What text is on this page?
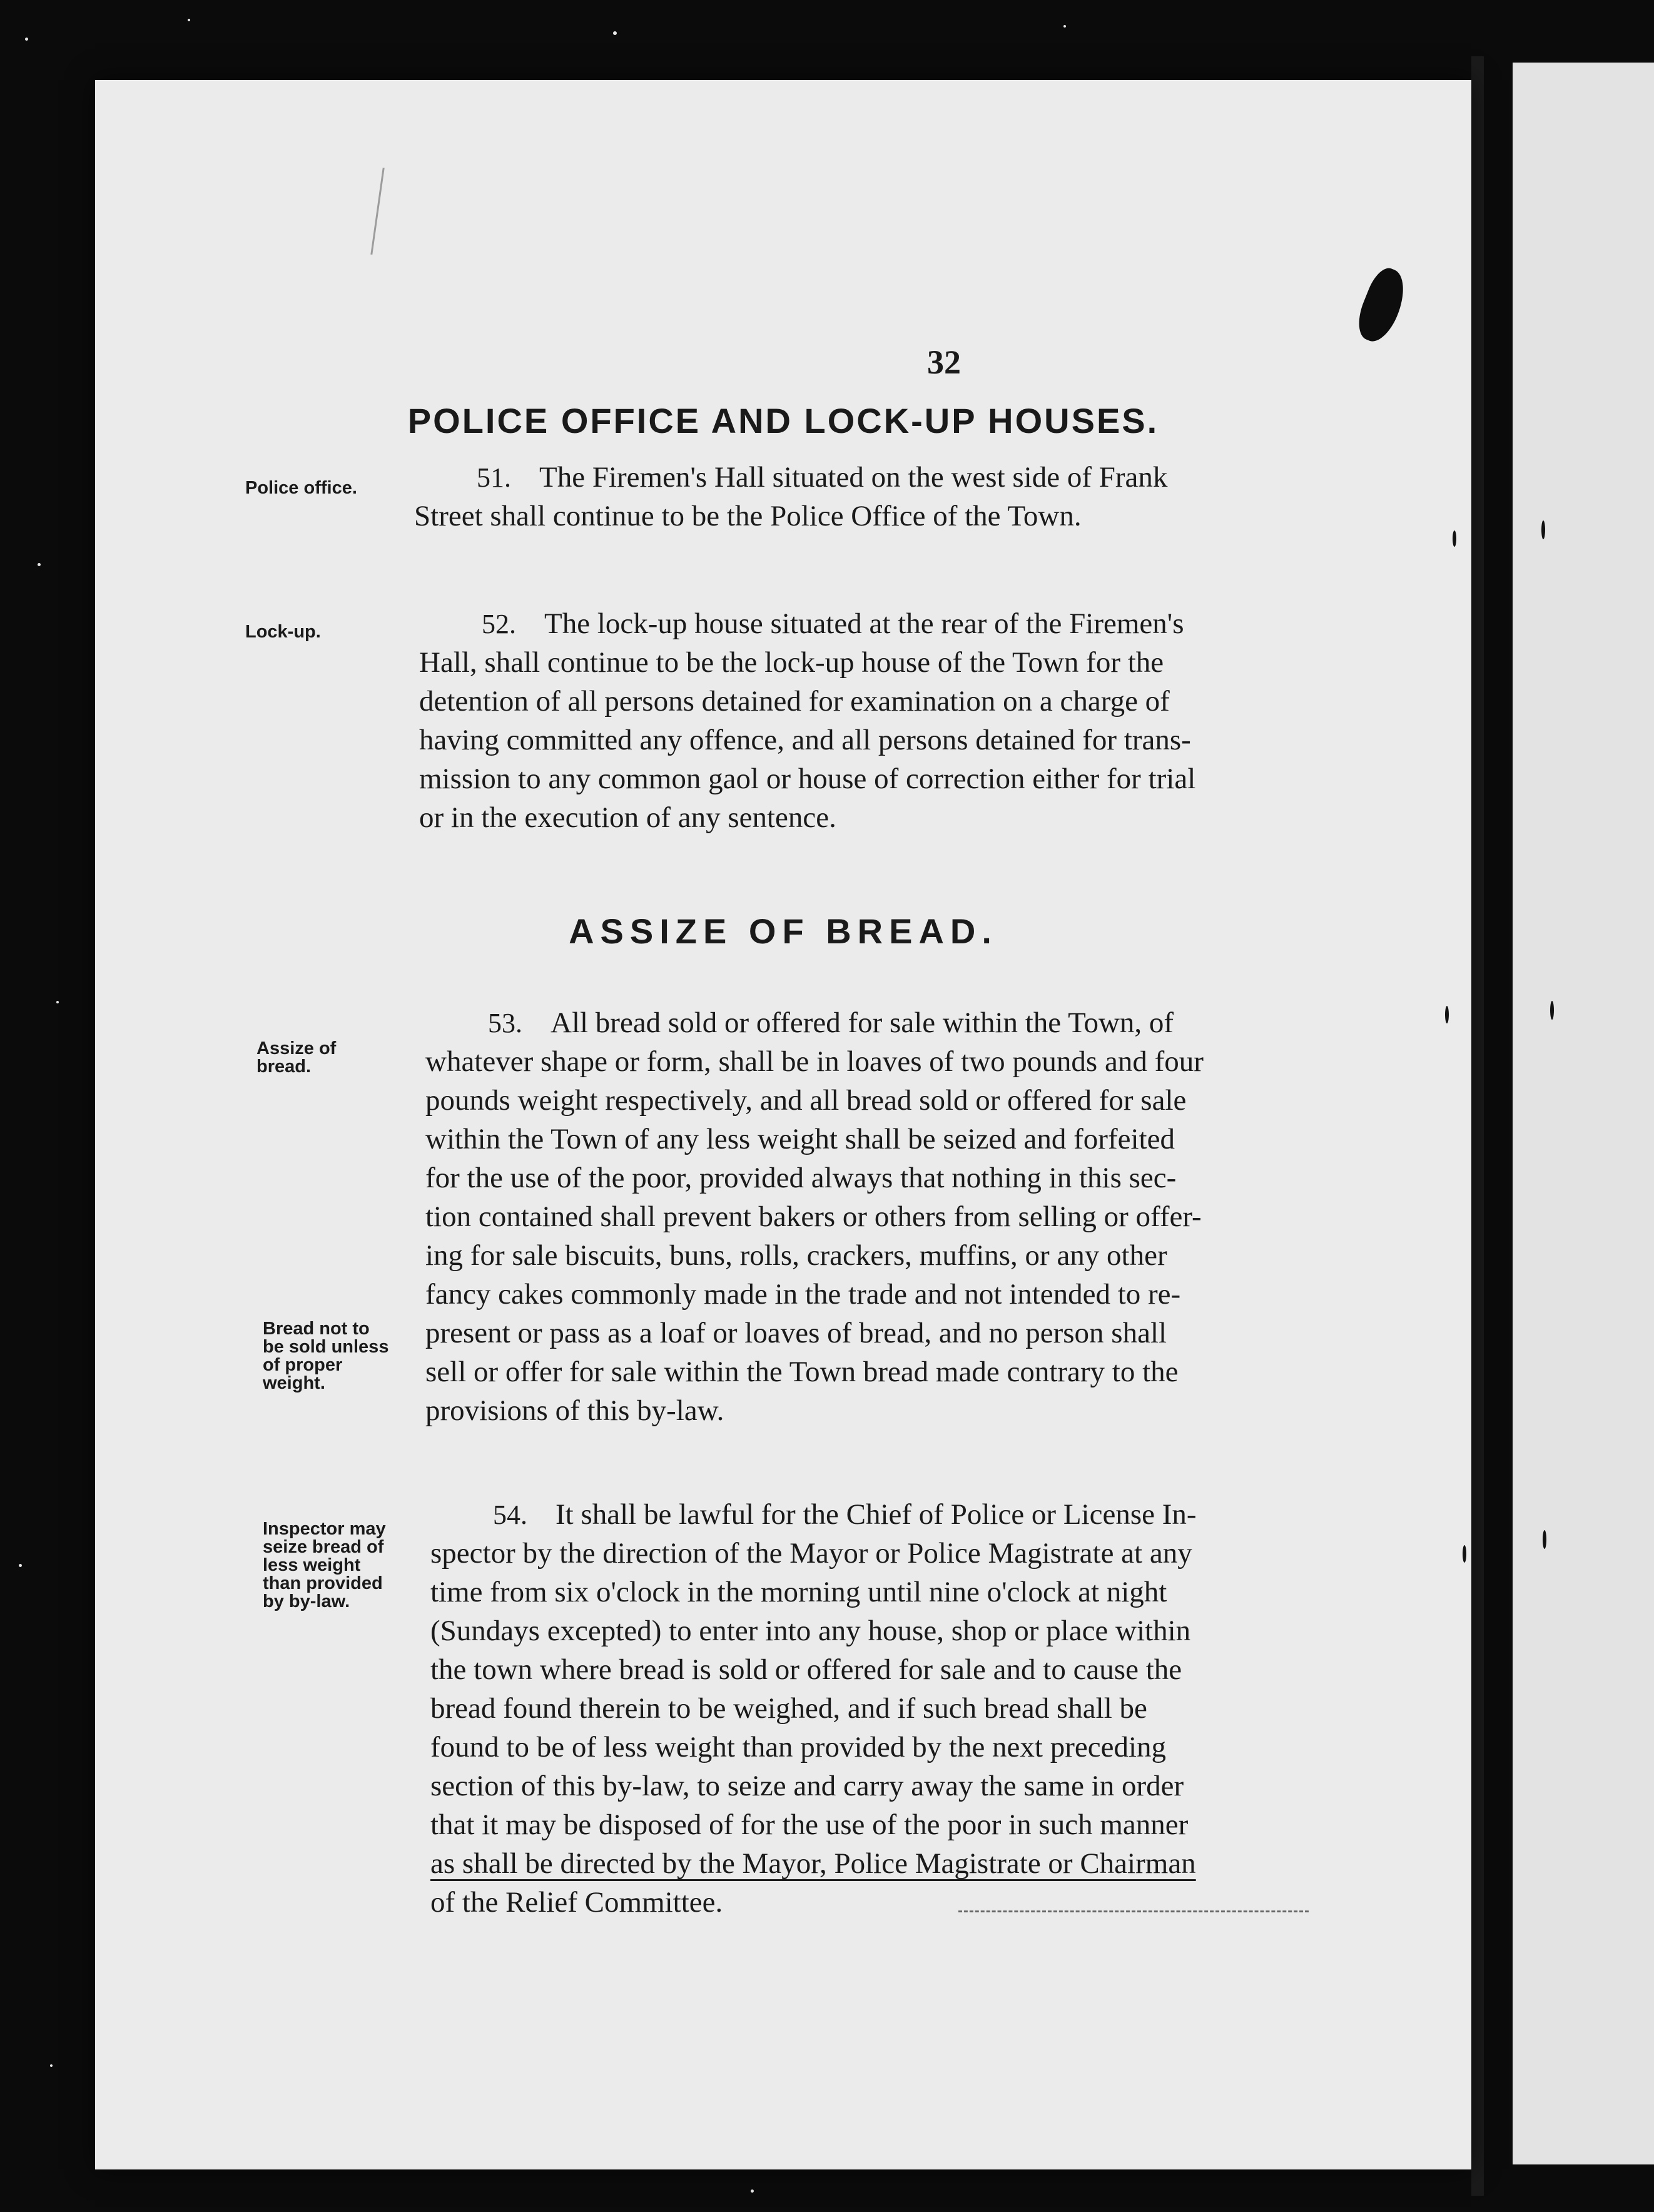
32
POLICE OFFICE AND LOCK-UP HOUSES.
ASSIZE OF BREAD.
Police office.
Lock-up.
Assize of
bread.
Bread not to
be sold unless
of proper
weight.
Inspector may
seize bread of
less weight
than provided
by by-law.
51. The Firemen's Hall situated on the west side of Frank
Street shall continue to be the Police Office of the Town.
52. The lock-up house situated at the rear of the Firemen's
Hall, shall continue to be the lock-up house of the Town for the
detention of all persons detained for examination on a charge of
having committed any offence, and all persons detained for trans-
mission to any common gaol or house of correction either for trial
or in the execution of any sentence.
53. All bread sold or offered for sale within the Town, of
whatever shape or form, shall be in loaves of two pounds and four
pounds weight respectively, and all bread sold or offered for sale
within the Town of any less weight shall be seized and forfeited
for the use of the poor, provided always that nothing in this sec-
tion contained shall prevent bakers or others from selling or offer-
ing for sale biscuits, buns, rolls, crackers, muffins, or any other
fancy cakes commonly made in the trade and not intended to re-
present or pass as a loaf or loaves of bread, and no person shall
sell or offer for sale within the Town bread made contrary to the
provisions of this by-law.
54. It shall be lawful for the Chief of Police or License In-
spector by the direction of the Mayor or Police Magistrate at any
time from six o'clock in the morning until nine o'clock at night
(Sundays excepted) to enter into any house, shop or place within
the town where bread is sold or offered for sale and to cause the
bread found therein to be weighed, and if such bread shall be
found to be of less weight than provided by the next preceding
section of this by-law, to seize and carry away the same in order
that it may be disposed of for the use of the poor in such manner
as shall be directed by the Mayor, Police Magistrate or Chairman
of the Relief Committee.
